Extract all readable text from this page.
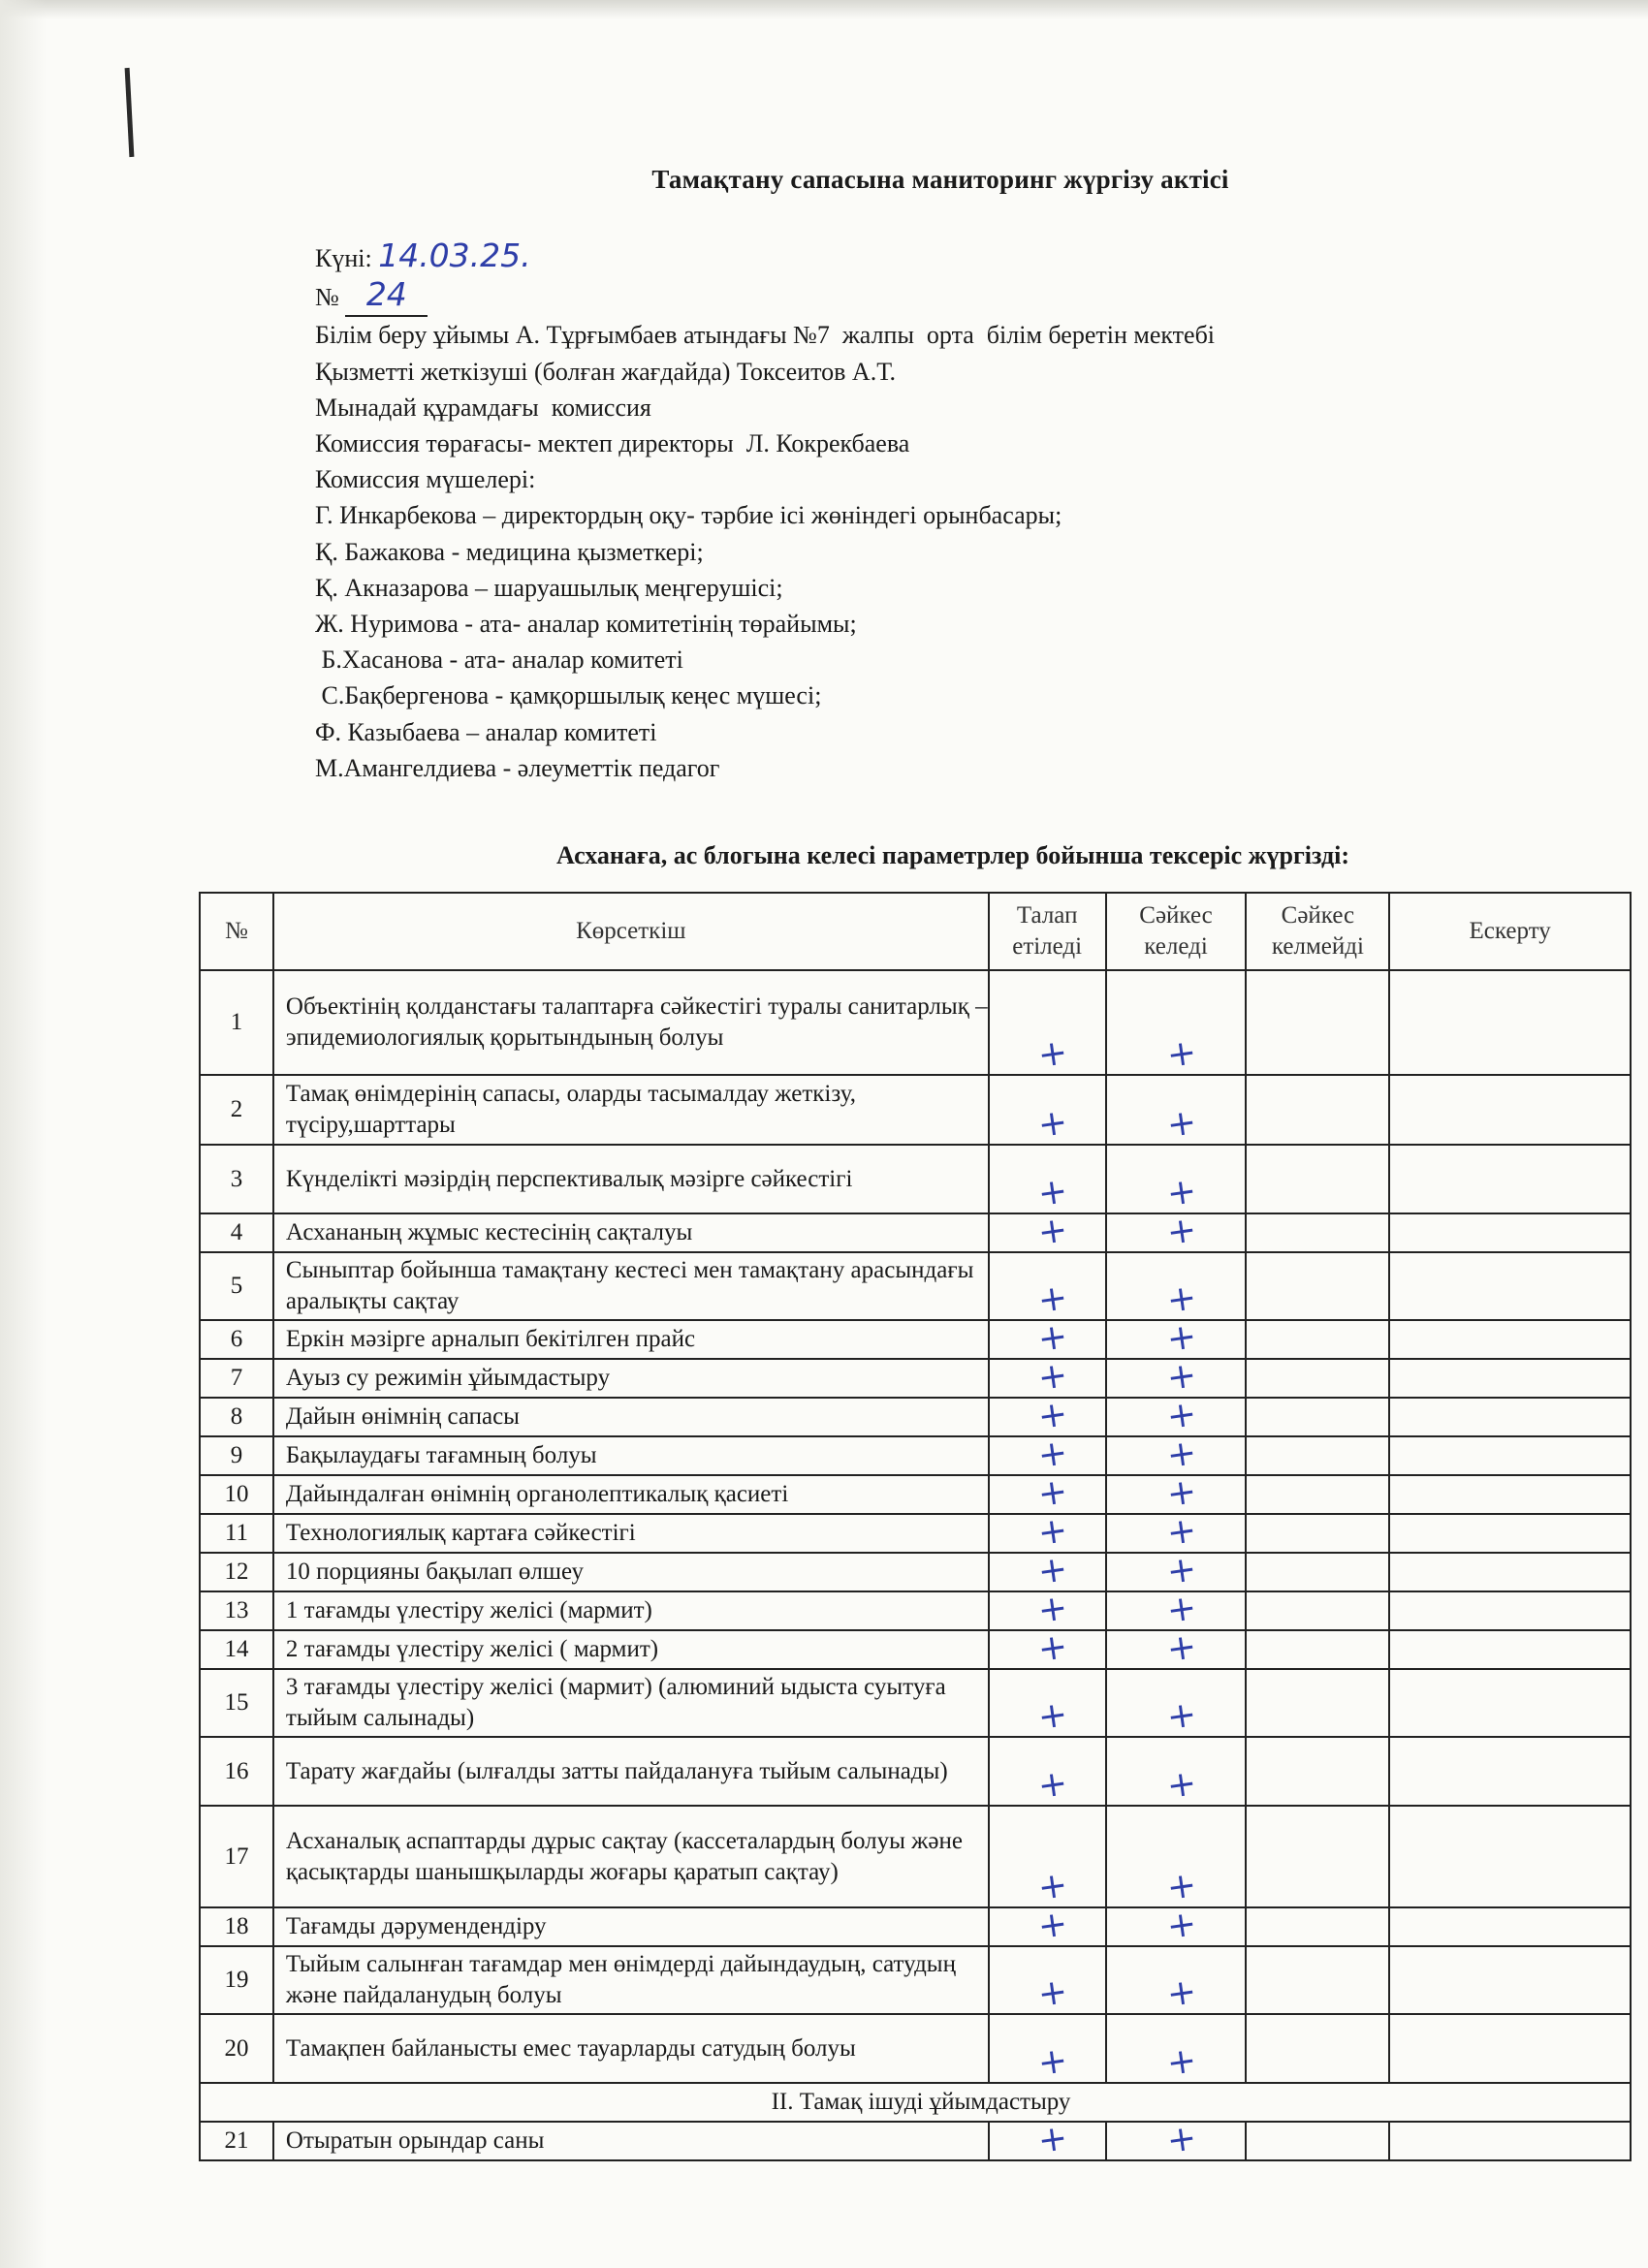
Тамақтану сапасына маниторинг жүргізу актісі
Күні: 14.03.25.
№ 24
Білім беру ұйымы А. Тұрғымбаев атындағы №7  жалпы  орта  білім беретін мектебі
Қызметті жеткізуші (болған жағдайда) Токсеитов А.Т.
Мынадай құрамдағы  комиссия
Комиссия төрағасы- мектеп директоры  Л. Кокрекбаева
Комиссия мүшелері:
Г. Инкарбекова – директордың оқу- тәрбие ісі жөніндегі орынбасары;
Қ. Бажакова - медицина қызметкері;
Қ. Акназарова – шаруашылық меңгерушісі;
Ж. Нуримова - ата- аналар комитетінің төрайымы;
Б.Хасанова - ата- аналар комитеті
С.Бақбергенова - қамқоршылық кеңес мүшесі;
Ф. Казыбаева – аналар комитеті
М.Амангелдиева - әлеуметтік педагог
Асханаға, ас блогына келесі параметрлер бойынша тексеріс жүргізді:
№	Көрсеткіш	Талап етіледі	Сәйкес келеді	Сәйкес келмейді	Ескерту
1	Объектінің қолданстағы талаптарға сәйкестігі туралы санитарлық – эпидемиологиялық қорытындының болуы	+	+		
2	Тамақ өнімдерінің сапасы, оларды тасымалдау жеткізу, түсіру,шарттары	+	+		
3	Күнделікті мәзірдің перспективалық мәзірге сәйкестігі	+	+		
4	Асхананың жұмыс кестесінің сақталуы	+	+		
5	Сыныптар бойынша тамақтану кестесі мен тамақтану арасындағы аралықты сақтау	+	+		
6	Еркін мәзірге арналып бекітілген прайс	+	+		
7	Ауыз су режимін ұйымдастыру	+	+		
8	Дайын өнімнің сапасы	+	+		
9	Бақылаудағы тағамның болуы	+	+		
10	Дайындалған өнімнің органолептикалық қасиеті	+	+		
11	Технологиялық картаға сәйкестігі	+	+		
12	10 порцияны бақылап өлшеу	+	+		
13	1 тағамды үлестіру желісі (мармит)	+	+		
14	2 тағамды үлестіру желісі ( мармит)	+	+		
15	3 тағамды үлестіру желісі (мармит) (алюминий ыдыста суытуға тыйым салынады)	+	+		
16	Тарату жағдайы (ылғалды затты пайдалануға тыйым салынады)	+	+		
17	Асханалық аспаптарды дұрыс сақтау (кассеталардың болуы және қасықтарды шанышқыларды жоғары қаратып сақтау)	+	+		
18	Тағамды дәрумендендіру	+	+		
19	Тыйым салынған тағамдар мен өнімдерді дайындаудың, сатудың және пайдаланудың болуы	+	+		
20	Тамақпен байланысты емес тауарларды сатудың болуы	+	+		
II. Тамақ ішуді ұйымдастыру					
21	Отыратын орындар саны	+	+		
